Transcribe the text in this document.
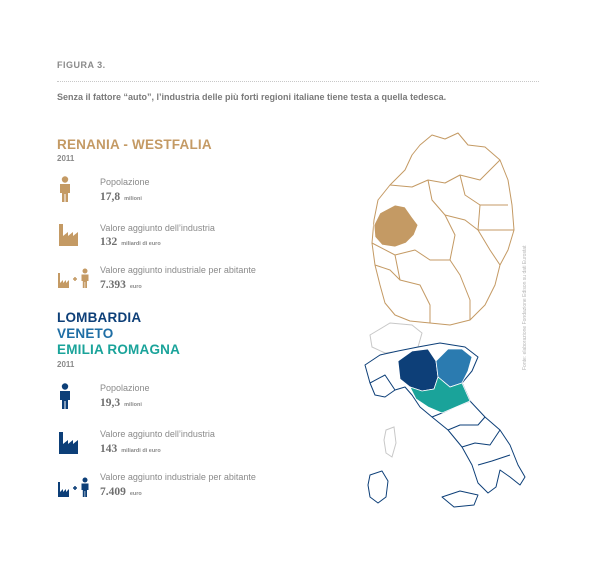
FIGURA 3.
Senza il fattore “auto”, l’industria delle più forti regioni italiane tiene testa a quella tedesca.
RENANIA - WESTFALIA
2011
Popolazione
17,8 milioni
Valore aggiunto dell’industria
132 miliardi di euro
Valore aggiunto industriale per abitante
7.393 euro
LOMBARDIA
VENETO
EMILIA ROMAGNA
2011
Popolazione
19,3 milioni
Valore aggiunto dell’industria
143 miliardi di euro
Valore aggiunto industriale per abitante
7.409 euro
Fonte: elaborazione Fondazione Edison su dati Eurostat
